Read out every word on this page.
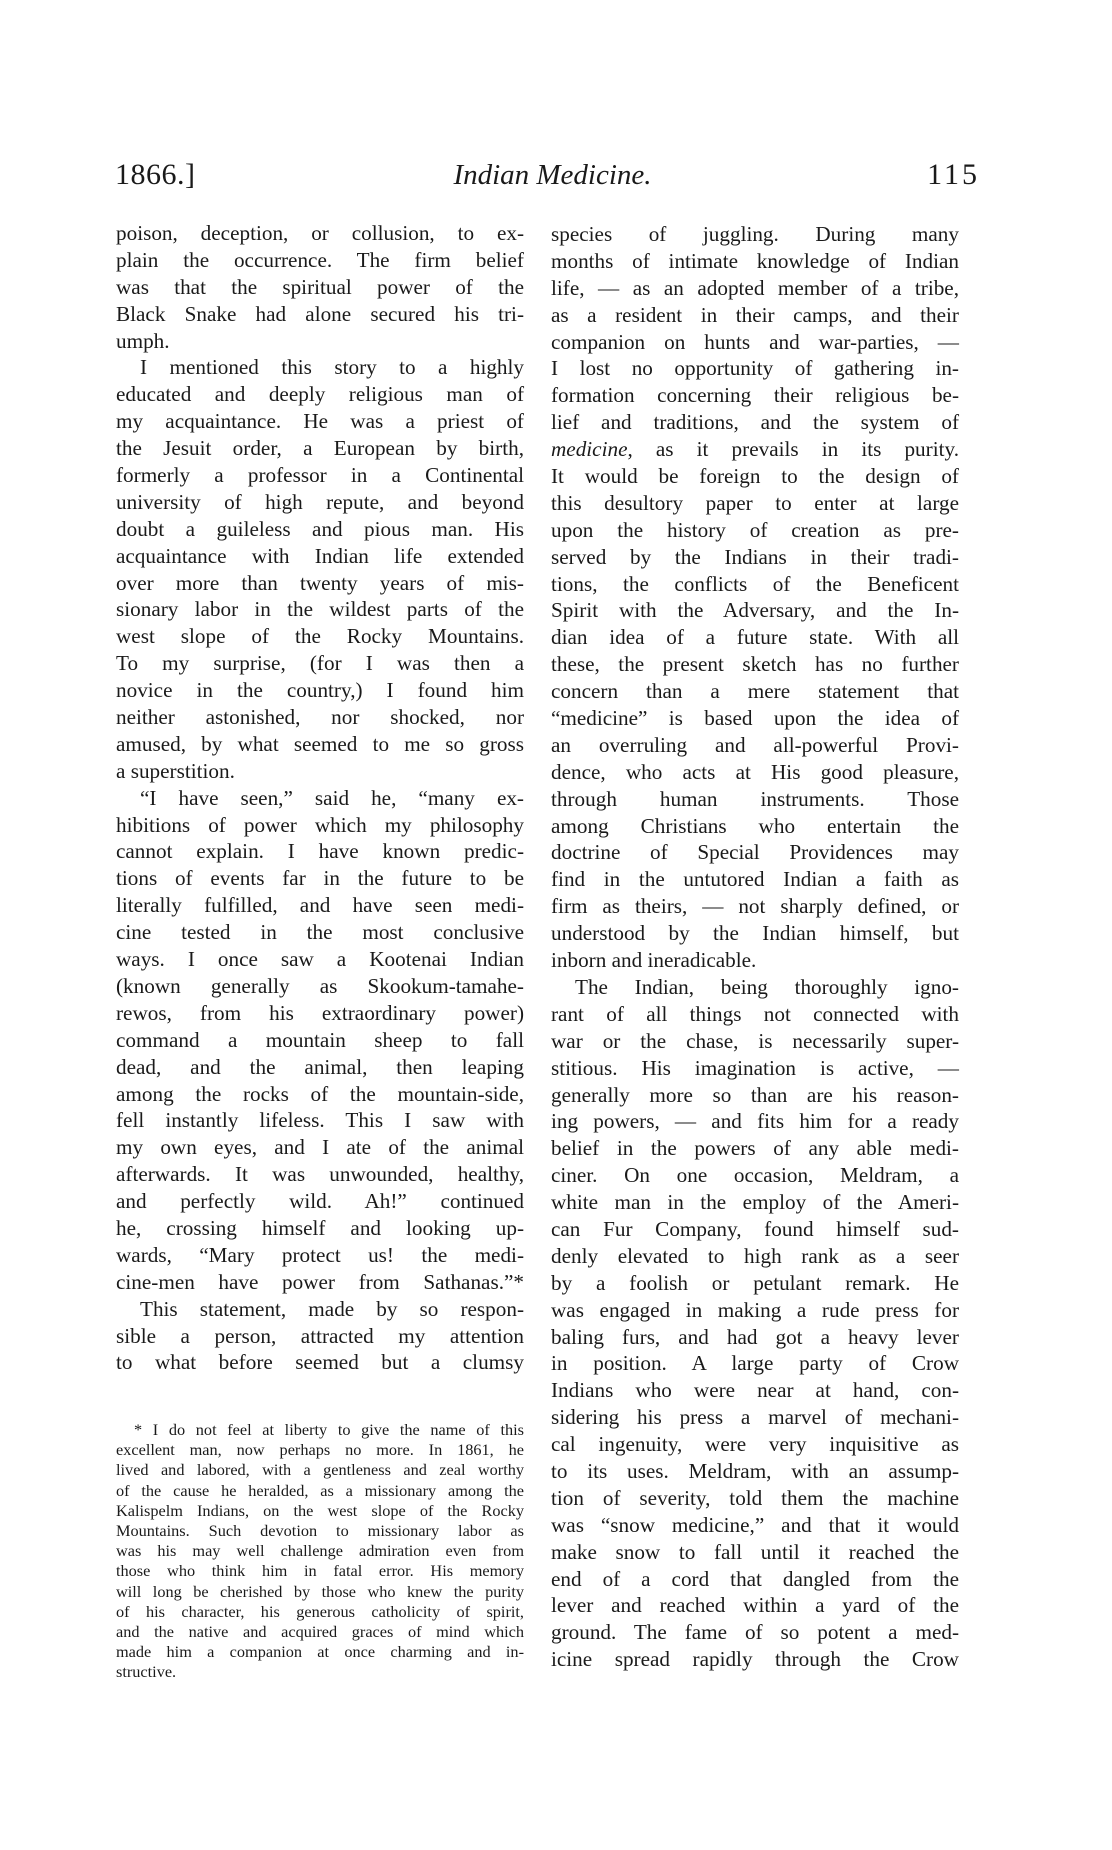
1866.]	Indian Medicine.	115
poison, deception, or collusion, to ex-
plain the occurrence. The firm belief
was that the spiritual power of the
Black Snake had alone secured his tri-
umph.
I mentioned this story to a highly
educated and deeply religious man of
my acquaintance. He was a priest of
the Jesuit order, a European by birth,
formerly a professor in a Continental
university of high repute, and beyond
doubt a guileless and pious man. His
acquaintance with Indian life extended
over more than twenty years of mis-
sionary labor in the wildest parts of the
west slope of the Rocky Mountains.
To my surprise, (for I was then a
novice in the country,) I found him
neither astonished, nor shocked, nor
amused, by what seemed to me so gross
a superstition.
“I have seen,” said he, “many ex-
hibitions of power which my philosophy
cannot explain. I have known predic-
tions of events far in the future to be
literally fulfilled, and have seen medi-
cine tested in the most conclusive
ways. I once saw a Kootenai Indian
(known generally as Skookum-tamahe-
rewos, from his extraordinary power)
command a mountain sheep to fall
dead, and the animal, then leaping
among the rocks of the mountain-side,
fell instantly lifeless. This I saw with
my own eyes, and I ate of the animal
afterwards. It was unwounded, healthy,
and perfectly wild. Ah!” continued
he, crossing himself and looking up-
wards, “Mary protect us! the medi-
cine-men have power from Sathanas.”*
This statement, made by so respon-
sible a person, attracted my attention
to what before seemed but a clumsy
species of juggling. During many
months of intimate knowledge of Indian
life, — as an adopted member of a tribe,
as a resident in their camps, and their
companion on hunts and war-parties, —
I lost no opportunity of gathering in-
formation concerning their religious be-
lief and traditions, and the system of
medicine, as it prevails in its purity.
It would be foreign to the design of
this desultory paper to enter at large
upon the history of creation as pre-
served by the Indians in their tradi-
tions, the conflicts of the Beneficent
Spirit with the Adversary, and the In-
dian idea of a future state. With all
these, the present sketch has no further
concern than a mere statement that
“medicine” is based upon the idea of
an overruling and all-powerful Provi-
dence, who acts at His good pleasure,
through human instruments. Those
among Christians who entertain the
doctrine of Special Providences may
find in the untutored Indian a faith as
firm as theirs, — not sharply defined, or
understood by the Indian himself, but
inborn and ineradicable.
The Indian, being thoroughly igno-
rant of all things not connected with
war or the chase, is necessarily super-
stitious. His imagination is active, —
generally more so than are his reason-
ing powers, — and fits him for a ready
belief in the powers of any able medi-
ciner. On one occasion, Meldram, a
white man in the employ of the Ameri-
can Fur Company, found himself sud-
denly elevated to high rank as a seer
by a foolish or petulant remark. He
was engaged in making a rude press for
baling furs, and had got a heavy lever
in position. A large party of Crow
Indians who were near at hand, con-
sidering his press a marvel of mechani-
cal ingenuity, were very inquisitive as
to its uses. Meldram, with an assump-
tion of severity, told them the machine
was “snow medicine,” and that it would
make snow to fall until it reached the
end of a cord that dangled from the
lever and reached within a yard of the
ground. The fame of so potent a med-
icine spread rapidly through the Crow
* I do not feel at liberty to give the name of this
excellent man, now perhaps no more. In 1861, he
lived and labored, with a gentleness and zeal worthy
of the cause he heralded, as a missionary among the
Kalispelm Indians, on the west slope of the Rocky
Mountains. Such devotion to missionary labor as
was his may well challenge admiration even from
those who think him in fatal error. His memory
will long be cherished by those who knew the purity
of his character, his generous catholicity of spirit,
and the native and acquired graces of mind which
made him a companion at once charming and in-
structive.
